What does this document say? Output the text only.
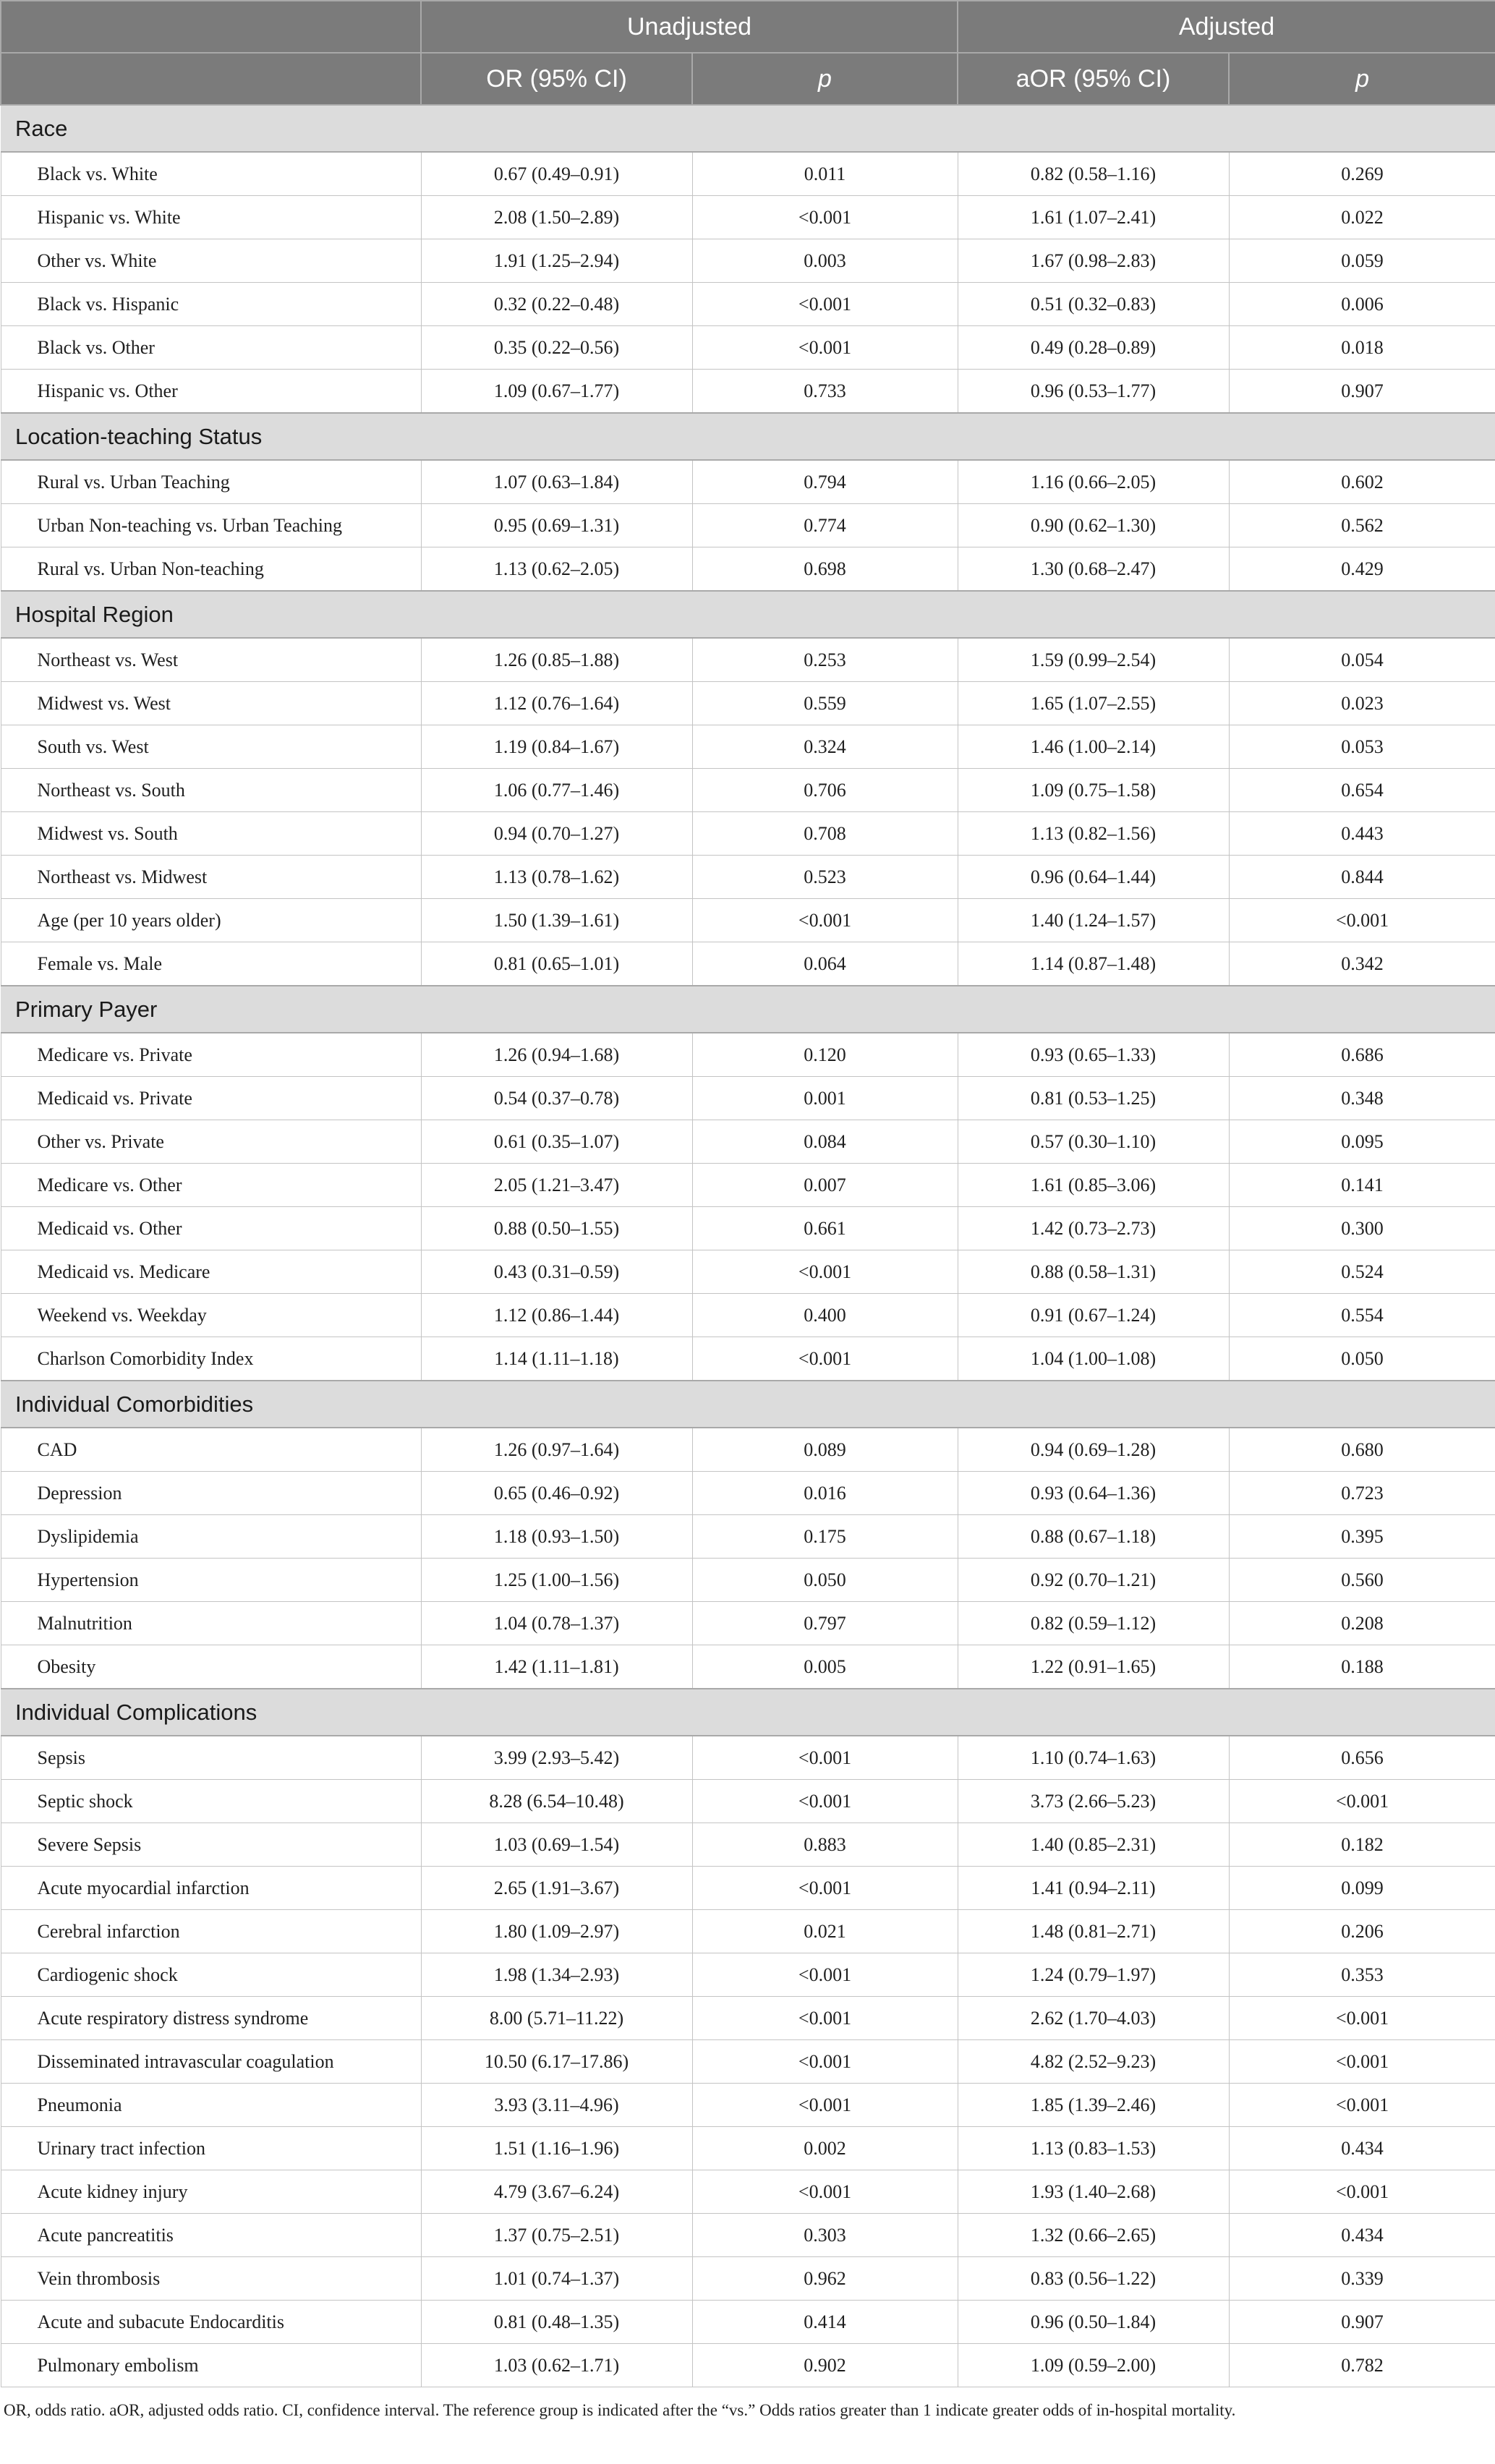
	Unadjusted		Adjusted	
	OR (95% CI)	p	aOR (95% CI)	p
Race				
Black vs. White	0.67 (0.49–0.91)	0.011	0.82 (0.58–1.16)	0.269
Hispanic vs. White	2.08 (1.50–2.89)	<0.001	1.61 (1.07–2.41)	0.022
Other vs. White	1.91 (1.25–2.94)	0.003	1.67 (0.98–2.83)	0.059
Black vs. Hispanic	0.32 (0.22–0.48)	<0.001	0.51 (0.32–0.83)	0.006
Black vs. Other	0.35 (0.22–0.56)	<0.001	0.49 (0.28–0.89)	0.018
Hispanic vs. Other	1.09 (0.67–1.77)	0.733	0.96 (0.53–1.77)	0.907
Location-teaching Status				
Rural vs. Urban Teaching	1.07 (0.63–1.84)	0.794	1.16 (0.66–2.05)	0.602
Urban Non-teaching vs. Urban Teaching	0.95 (0.69–1.31)	0.774	0.90 (0.62–1.30)	0.562
Rural vs. Urban Non-teaching	1.13 (0.62–2.05)	0.698	1.30 (0.68–2.47)	0.429
Hospital Region				
Northeast vs. West	1.26 (0.85–1.88)	0.253	1.59 (0.99–2.54)	0.054
Midwest vs. West	1.12 (0.76–1.64)	0.559	1.65 (1.07–2.55)	0.023
South vs. West	1.19 (0.84–1.67)	0.324	1.46 (1.00–2.14)	0.053
Northeast vs. South	1.06 (0.77–1.46)	0.706	1.09 (0.75–1.58)	0.654
Midwest vs. South	0.94 (0.70–1.27)	0.708	1.13 (0.82–1.56)	0.443
Northeast vs. Midwest	1.13 (0.78–1.62)	0.523	0.96 (0.64–1.44)	0.844
Age (per 10 years older)	1.50 (1.39–1.61)	<0.001	1.40 (1.24–1.57)	<0.001
Female vs. Male	0.81 (0.65–1.01)	0.064	1.14 (0.87–1.48)	0.342
Primary Payer				
Medicare vs. Private	1.26 (0.94–1.68)	0.120	0.93 (0.65–1.33)	0.686
Medicaid vs. Private	0.54 (0.37–0.78)	0.001	0.81 (0.53–1.25)	0.348
Other vs. Private	0.61 (0.35–1.07)	0.084	0.57 (0.30–1.10)	0.095
Medicare vs. Other	2.05 (1.21–3.47)	0.007	1.61 (0.85–3.06)	0.141
Medicaid vs. Other	0.88 (0.50–1.55)	0.661	1.42 (0.73–2.73)	0.300
Medicaid vs. Medicare	0.43 (0.31–0.59)	<0.001	0.88 (0.58–1.31)	0.524
Weekend vs. Weekday	1.12 (0.86–1.44)	0.400	0.91 (0.67–1.24)	0.554
Charlson Comorbidity Index	1.14 (1.11–1.18)	<0.001	1.04 (1.00–1.08)	0.050
Individual Comorbidities				
CAD	1.26 (0.97–1.64)	0.089	0.94 (0.69–1.28)	0.680
Depression	0.65 (0.46–0.92)	0.016	0.93 (0.64–1.36)	0.723
Dyslipidemia	1.18 (0.93–1.50)	0.175	0.88 (0.67–1.18)	0.395
Hypertension	1.25 (1.00–1.56)	0.050	0.92 (0.70–1.21)	0.560
Malnutrition	1.04 (0.78–1.37)	0.797	0.82 (0.59–1.12)	0.208
Obesity	1.42 (1.11–1.81)	0.005	1.22 (0.91–1.65)	0.188
Individual Complications				
Sepsis	3.99 (2.93–5.42)	<0.001	1.10 (0.74–1.63)	0.656
Septic shock	8.28 (6.54–10.48)	<0.001	3.73 (2.66–5.23)	<0.001
Severe Sepsis	1.03 (0.69–1.54)	0.883	1.40 (0.85–2.31)	0.182
Acute myocardial infarction	2.65 (1.91–3.67)	<0.001	1.41 (0.94–2.11)	0.099
Cerebral infarction	1.80 (1.09–2.97)	0.021	1.48 (0.81–2.71)	0.206
Cardiogenic shock	1.98 (1.34–2.93)	<0.001	1.24 (0.79–1.97)	0.353
Acute respiratory distress syndrome	8.00 (5.71–11.22)	<0.001	2.62 (1.70–4.03)	<0.001
Disseminated intravascular coagulation	10.50 (6.17–17.86)	<0.001	4.82 (2.52–9.23)	<0.001
Pneumonia	3.93 (3.11–4.96)	<0.001	1.85 (1.39–2.46)	<0.001
Urinary tract infection	1.51 (1.16–1.96)	0.002	1.13 (0.83–1.53)	0.434
Acute kidney injury	4.79 (3.67–6.24)	<0.001	1.93 (1.40–2.68)	<0.001
Acute pancreatitis	1.37 (0.75–2.51)	0.303	1.32 (0.66–2.65)	0.434
Vein thrombosis	1.01 (0.74–1.37)	0.962	0.83 (0.56–1.22)	0.339
Acute and subacute Endocarditis	0.81 (0.48–1.35)	0.414	0.96 (0.50–1.84)	0.907
Pulmonary embolism	1.03 (0.62–1.71)	0.902	1.09 (0.59–2.00)	0.782
OR, odds ratio. aOR, adjusted odds ratio. CI, confidence interval. The reference group is indicated after the “vs.” Odds ratios greater than 1 indicate greater odds of in-hospital mortality.				
